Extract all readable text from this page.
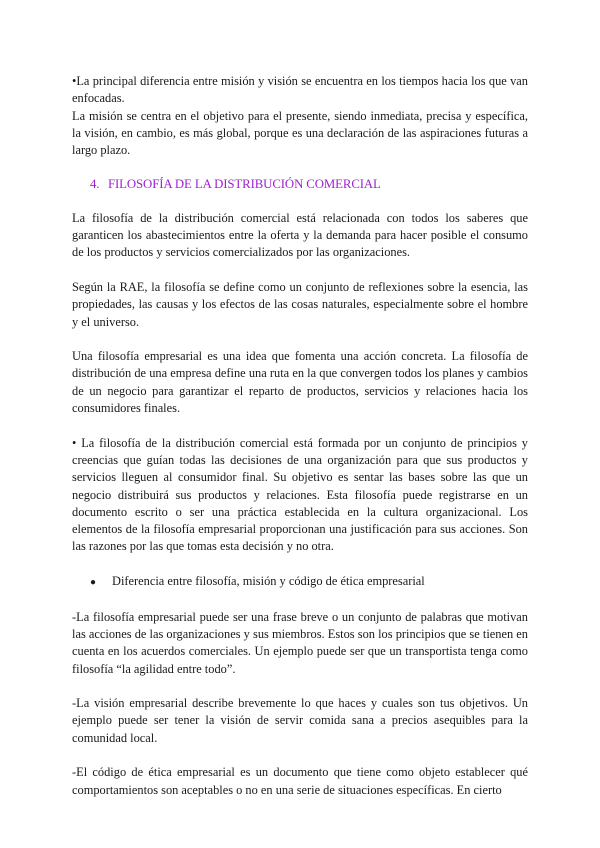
•La principal diferencia entre misión y visión se encuentra en los tiempos hacia los que van enfocadas.

La misión se centra en el objetivo para el presente, siendo inmediata, precisa y específica, la visión, en cambio, es más global, porque es una declaración de las aspiraciones futuras a largo plazo.

4. FILOSOFÍA DE LA DISTRIBUCIÓN COMERCIAL

La filosofía de la distribución comercial está relacionada con todos los saberes que garanticen los abastecimientos entre la oferta y la demanda para hacer posible el consumo de los productos y servicios comercializados por las organizaciones.

Según la RAE, la filosofía se define como un conjunto de reflexiones sobre la esencia, las propiedades, las causas y los efectos de las cosas naturales, especialmente sobre el hombre y el universo.

Una filosofía empresarial es una idea que fomenta una acción concreta. La filosofía de distribución de una empresa define una ruta en la que convergen todos los planes y cambios de un negocio para garantizar el reparto de productos, servicios y relaciones hacia los consumidores finales.

• La filosofía de la distribución comercial está formada por un conjunto de principios y creencias que guían todas las decisiones de una organización para que sus productos y servicios lleguen al consumidor final. Su objetivo es sentar las bases sobre las que un negocio distribuirá sus productos y relaciones. Esta filosofía puede registrarse en un documento escrito o ser una práctica establecida en la cultura organizacional. Los elementos de la filosofía empresarial proporcionan una justificación para sus acciones. Son las razones por las que tomas esta decisión y no otra.

● Diferencia entre filosofía, misión y código de ética empresarial

-La filosofía empresarial puede ser una frase breve o un conjunto de palabras que motivan las acciones de las organizaciones y sus miembros. Estos son los principios que se tienen en cuenta en los acuerdos comerciales. Un ejemplo puede ser que un transportista tenga como filosofía “la agilidad entre todo”.

-La visión empresarial describe brevemente lo que haces y cuales son tus objetivos. Un ejemplo puede ser tener la visión de servir comida sana a precios asequibles para la comunidad local.

-El código de ética empresarial es un documento que tiene como objeto establecer qué comportamientos son aceptables o no en una serie de situaciones específicas. En cierto
